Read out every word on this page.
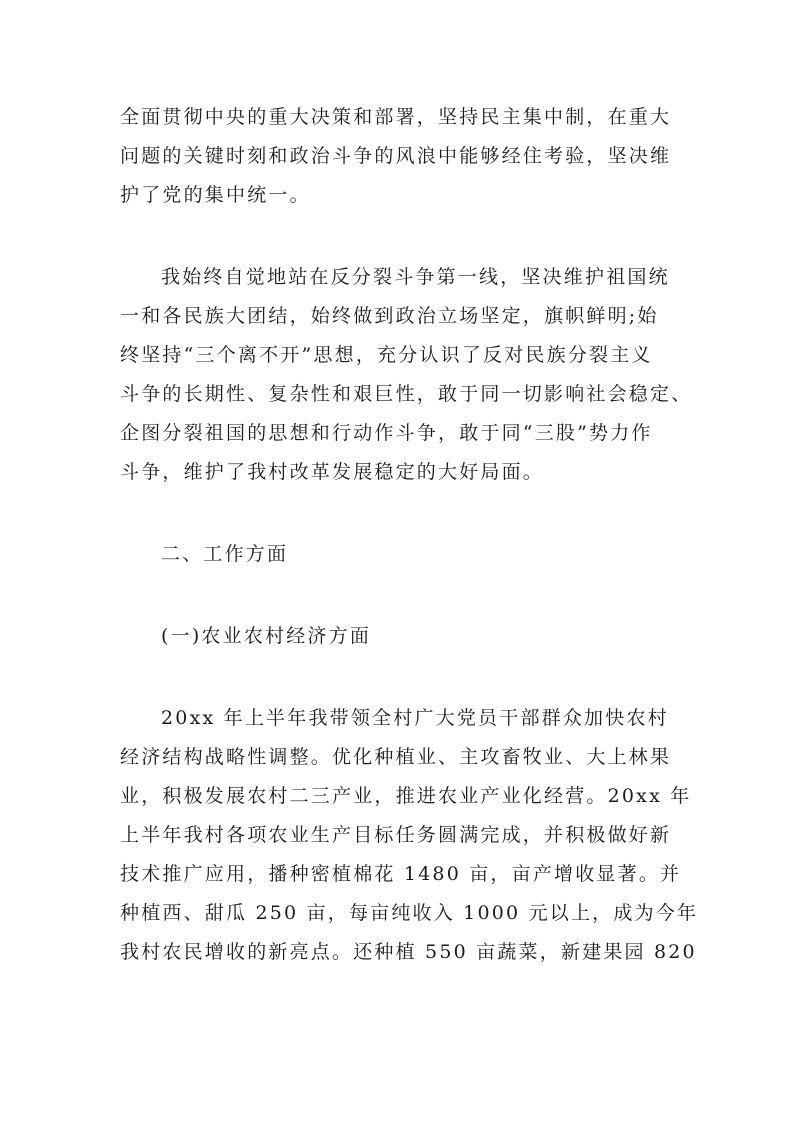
全面贯彻中央的重大决策和部署，坚持民主集中制，在重大
问题的关键时刻和政治斗争的风浪中能够经住考验，坚决维
护了党的集中统一。

我始终自觉地站在反分裂斗争第一线，坚决维护祖国统
一和各民族大团结，始终做到政治立场坚定，旗帜鲜明;始
终坚持“三个离不开”思想，充分认识了反对民族分裂主义
斗争的长期性、复杂性和艰巨性，敢于同一切影响社会稳定、
企图分裂祖国的思想和行动作斗争，敢于同“三股”势力作
斗争，维护了我村改革发展稳定的大好局面。

二、工作方面

(一)农业农村经济方面

20xx 年上半年我带领全村广大党员干部群众加快农村
经济结构战略性调整。优化种植业、主攻畜牧业、大上林果
业，积极发展农村二三产业，推进农业产业化经营。20xx 年
上半年我村各项农业生产目标任务圆满完成，并积极做好新
技术推广应用，播种密植棉花 1480 亩，亩产增收显著。并
种植西、甜瓜 250 亩，每亩纯收入 1000 元以上，成为今年
我村农民增收的新亮点。还种植 550 亩蔬菜，新建果园 820
